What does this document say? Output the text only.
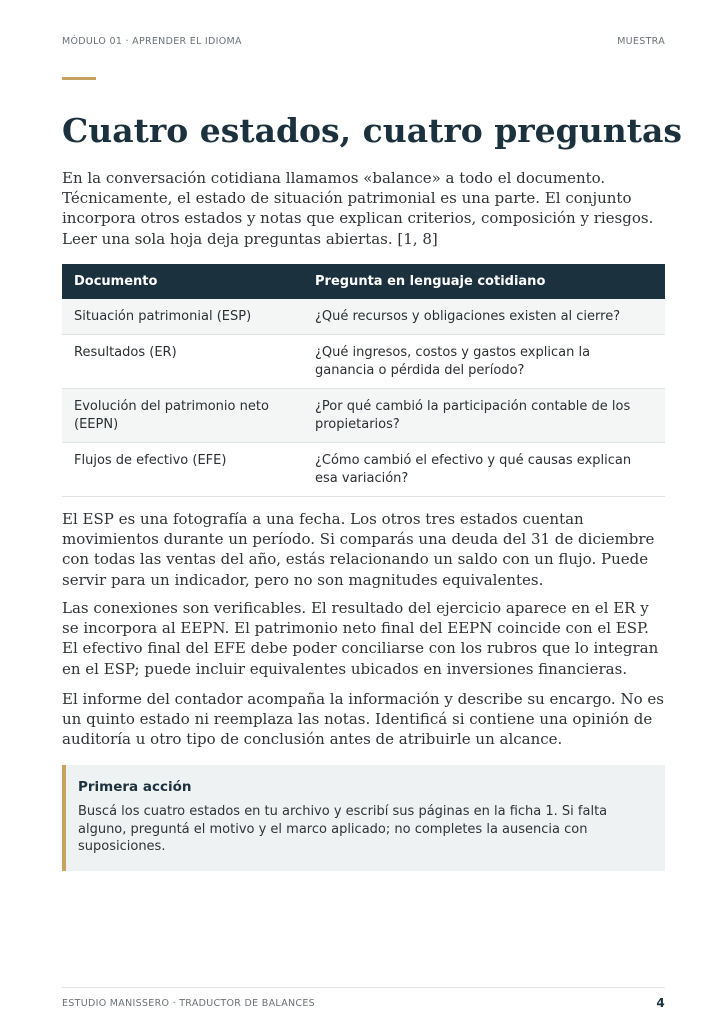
MÓDULO 01 · APRENDER EL IDIOMA	MUESTRA
Cuatro estados, cuatro preguntas

En la conversación cotidiana llamamos «balance» a todo el documento. Técnicamente, el estado de situación patrimonial es una parte. El conjunto incorpora otros estados y notas que explican criterios, composición y riesgos. Leer una sola hoja deja preguntas abiertas. [1, 8]

Documento	Pregunta en lenguaje cotidiano
Situación patrimonial (ESP)	¿Qué recursos y obligaciones existen al cierre?
Resultados (ER)	¿Qué ingresos, costos y gastos explican la ganancia o pérdida del período?
Evolución del patrimonio neto (EEPN)	¿Por qué cambió la participación contable de los propietarios?
Flujos de efectivo (EFE)	¿Cómo cambió el efectivo y qué causas explican esa variación?

El ESP es una fotografía a una fecha. Los otros tres estados cuentan movimientos durante un período. Si comparás una deuda del 31 de diciembre con todas las ventas del año, estás relacionando un saldo con un flujo. Puede servir para un indicador, pero no son magnitudes equivalentes.

Las conexiones son verificables. El resultado del ejercicio aparece en el ER y se incorpora al EEPN. El patrimonio neto final del EEPN coincide con el ESP. El efectivo final del EFE debe poder conciliarse con los rubros que lo integran en el ESP; puede incluir equivalentes ubicados en inversiones financieras.

El informe del contador acompaña la información y describe su encargo. No es un quinto estado ni reemplaza las notas. Identificá si contiene una opinión de auditoría u otro tipo de conclusión antes de atribuirle un alcance.

Primera acción
Buscá los cuatro estados en tu archivo y escribí sus páginas en la ficha 1. Si falta alguno, preguntá el motivo y el marco aplicado; no completes la ausencia con suposiciones.
ESTUDIO MANISSERO · TRADUCTOR DE BALANCES	4
